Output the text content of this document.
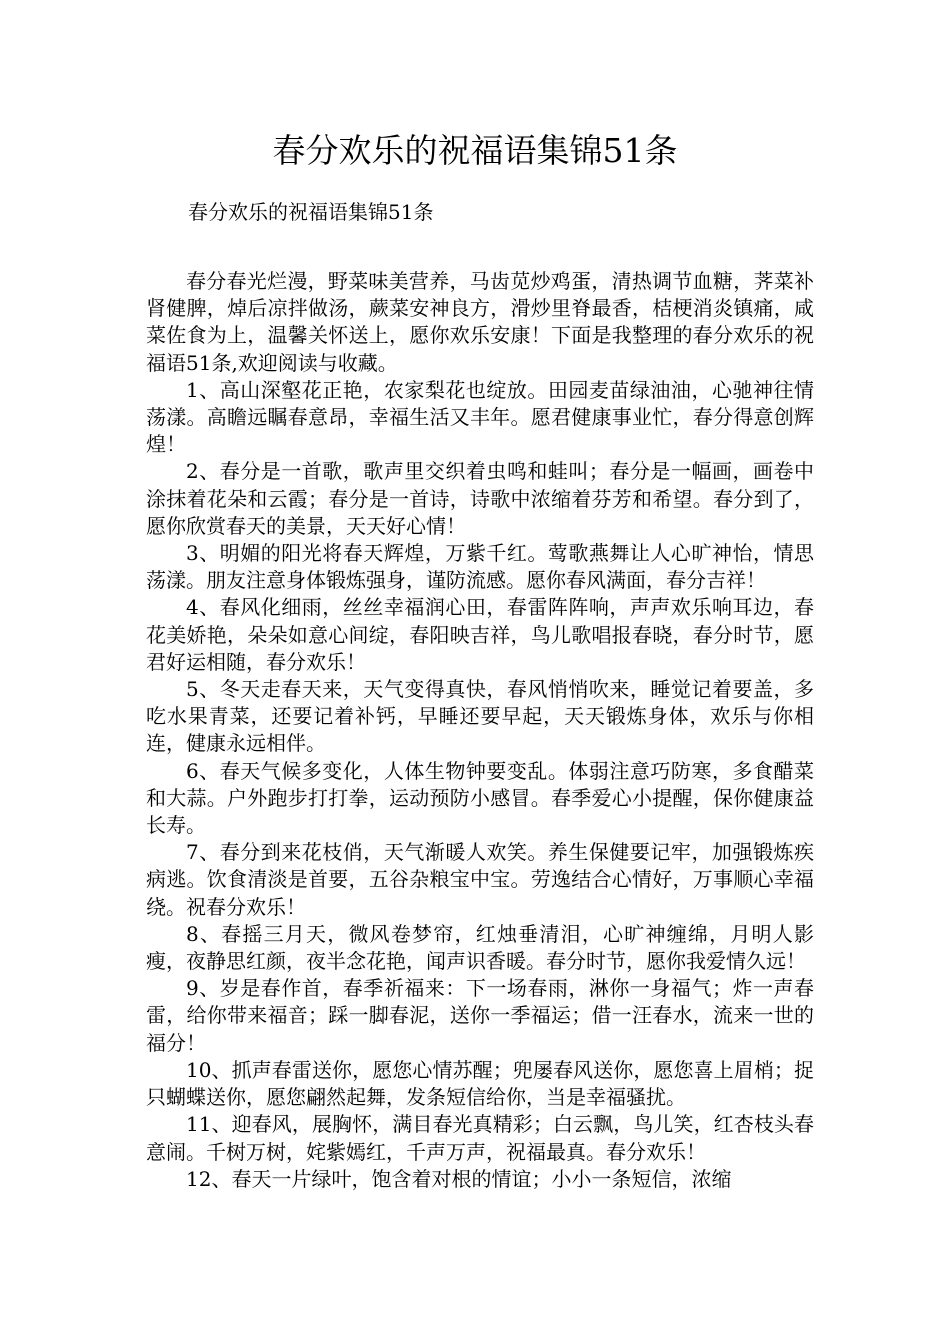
春分欢乐的祝福语集锦51条
春分欢乐的祝福语集锦51条

春分春光烂漫，野菜味美营养，马齿苋炒鸡蛋，清热调节血糖，荠菜补肾健脾，焯后凉拌做汤，蕨菜安神良方，滑炒里脊最香，桔梗消炎镇痛，咸菜佐食为上，温馨关怀送上，愿你欢乐安康！下面是我整理的春分欢乐的祝福语51条,欢迎阅读与收藏。

1、高山深壑花正艳，农家梨花也绽放。田园麦苗绿油油，心驰神往情荡漾。高瞻远瞩春意昂，幸福生活又丰年。愿君健康事业忙，春分得意创辉煌！

2、春分是一首歌，歌声里交织着虫鸣和蛙叫；春分是一幅画，画卷中涂抹着花朵和云霞；春分是一首诗，诗歌中浓缩着芬芳和希望。春分到了，愿你欣赏春天的美景，天天好心情！

3、明媚的阳光将春天辉煌，万紫千红。莺歌燕舞让人心旷神怡，情思荡漾。朋友注意身体锻炼强身，谨防流感。愿你春风满面，春分吉祥！

4、春风化细雨，丝丝幸福润心田，春雷阵阵响，声声欢乐响耳边，春花美娇艳，朵朵如意心间绽，春阳映吉祥，鸟儿歌唱报春晓，春分时节，愿君好运相随，春分欢乐！

5、冬天走春天来，天气变得真快，春风悄悄吹来，睡觉记着要盖，多吃水果青菜，还要记着补钙，早睡还要早起，天天锻炼身体，欢乐与你相连，健康永远相伴。

6、春天气候多变化，人体生物钟要变乱。体弱注意巧防寒，多食醋菜和大蒜。户外跑步打打拳，运动预防小感冒。春季爱心小提醒，保你健康益长寿。

7、春分到来花枝俏，天气渐暖人欢笑。养生保健要记牢，加强锻炼疾病逃。饮食清淡是首要，五谷杂粮宝中宝。劳逸结合心情好，万事顺心幸福绕。祝春分欢乐！

8、春摇三月天，微风卷梦帘，红烛垂清泪，心旷神缠绵，月明人影瘦，夜静思红颜，夜半念花艳，闻声识香暖。春分时节，愿你我爱情久远！

9、岁是春作首，春季祈福来：下一场春雨，淋你一身福气；炸一声春雷，给你带来福音；踩一脚春泥，送你一季福运；借一汪春水，流来一世的福分！

10、抓声春雷送你，愿您心情苏醒；兜屡春风送你，愿您喜上眉梢；捉只蝴蝶送你，愿您翩然起舞，发条短信给你，当是幸福骚扰。

11、迎春风，展胸怀，满目春光真精彩；白云飘，鸟儿笑，红杏枝头春意闹。千树万树，姹紫嫣红，千声万声，祝福最真。春分欢乐！

12、春天一片绿叶，饱含着对根的情谊；小小一条短信，浓缩
